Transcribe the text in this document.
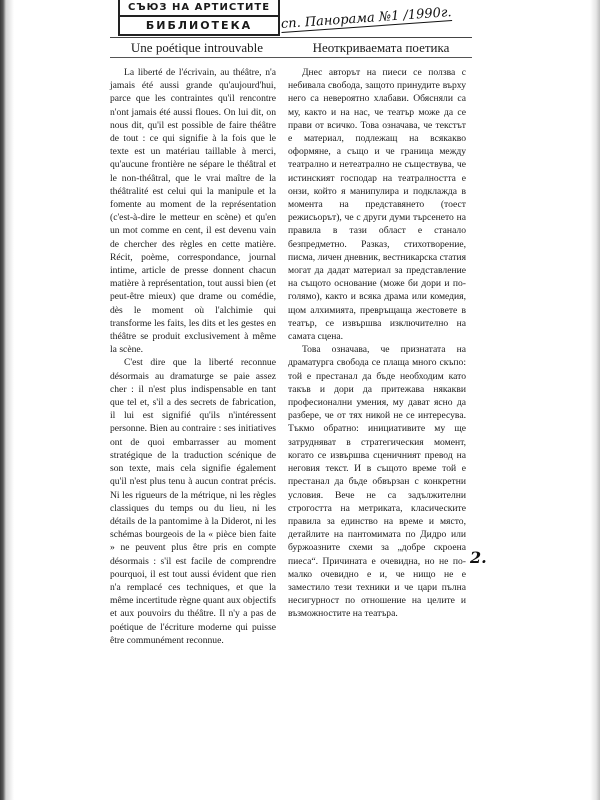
СЪЮЗ НА АРТИСТИТЕ
БИБЛИОТЕКА	сп. Панорама №1 /1990г.
Une poétique introuvable	Неоткриваемата поетика

La liberté de l'écrivain, au théâtre, n'a jamais été aussi grande qu'aujourd'hui, parce que les contraintes qu'il rencontre n'ont jamais été aussi floues. On lui dit, on nous dit, qu'il est possible de faire théâtre de tout : ce qui signifie à la fois que le texte est un matériau taillable à merci, qu'aucune frontière ne sépare le théâtral et le non-théâtral, que le vrai maître de la théâtralité est celui qui la manipule et la fomente au moment de la représentation (c'est-à-dire le metteur en scène) et qu'en un mot comme en cent, il est devenu vain de chercher des règles en cette matière. Récit, poème, correspondance, journal intime, article de presse donnent chacun matière à représentation, tout aussi bien (et peut-être mieux) que drame ou comédie, dès le moment où l'alchimie qui transforme les faits, les dits et les gestes en théâtre se produit exclusivement à même la scène.

C'est dire que la liberté reconnue désormais au dramaturge se paie assez cher : il n'est plus indispensable en tant que tel et, s'il a des secrets de fabrication, il lui est signifié qu'ils n'intéressent personne. Bien au contraire : ses initiatives ont de quoi embarrasser au moment stratégique de la traduction scénique de son texte, mais cela signifie également qu'il n'est plus tenu à aucun contrat précis. Ni les rigueurs de la métrique, ni les règles classiques du temps ou du lieu, ni les détails de la pantomime à la Diderot, ni les schémas bourgeois de la « pièce bien faite » ne peuvent plus être pris en compte désormais : s'il est facile de comprendre pourquoi, il est tout aussi évident que rien n'a remplacé ces techniques, et que la même incertitude règne quant aux objectifs et aux pouvoirs du théâtre. Il n'y a pas de poétique de l'écriture moderne qui puisse être communément reconnue.

Днес авторът на пиеси се ползва с небивала свобода, защото принудите върху него са невероятно хлабави. Обясняли са му, както и на нас, че театър може да се прави от всичко. Това означава, че текстът е материал, подлежащ на всякакво оформяне, а също и че граница между театрално и нетеатрално не съществува, че истинският господар на театралността е онзи, който я манипулира и подклажда в момента на представянето (тоест режисьорът), че с други думи търсенето на правила в тази област е станало безпредметно. Разказ, стихотворение, писма, личен дневник, вестникарска статия могат да дадат материал за представление на същото основание (може би дори и по-голямо), както и всяка драма или комедия, щом алхимията, превръщаща жестовете в театър, се извършва изключително на самата сцена.

Това означава, че признатата на драматурга свобода се плаща много скъпо: той е престанал да бъде необходим като такъв и дори да притежава някакви професионални умения, му дават ясно да разбере, че от тях никой не се интересува. Тъкмо обратно: инициативите му ще затрудняват в стратегическия момент, когато се извършва сценичният превод на неговия текст. И в същото време той е престанал да бъде обвързан с конкретни условия. Вече не са задължителни строгостта на метриката, класическите правила за единство на време и място, детайлите на пантомимата по Дидро или буржоазните схеми за „добре скроена пиеса“. Причината е очевидна, но не по-малко очевидно е и, че нищо не е заместило тези техники и че цари пълна несигурност по отношение на целите и възможностите на театъра.

2.
